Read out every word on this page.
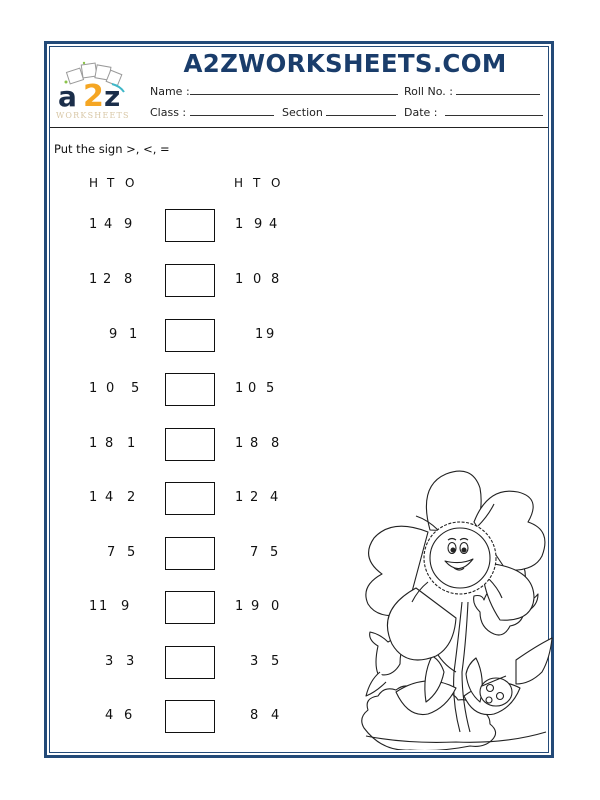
a 2 z
WORKSHEETS
A2ZWORKSHEETS.COM
Name :	Roll No. :
Class :	Section	Date :
Put the sign >, <, =
H T O	H T O
1 4 9	1 9 4
1 2 8	1 0 8
9 1	1 9
1 0 5	1 0 5
1 8 1	1 8 8
1 4 2	1 2 4
7 5	7 5
1 1 9	1 9 0
3 3	3 5
4 6	8 4
